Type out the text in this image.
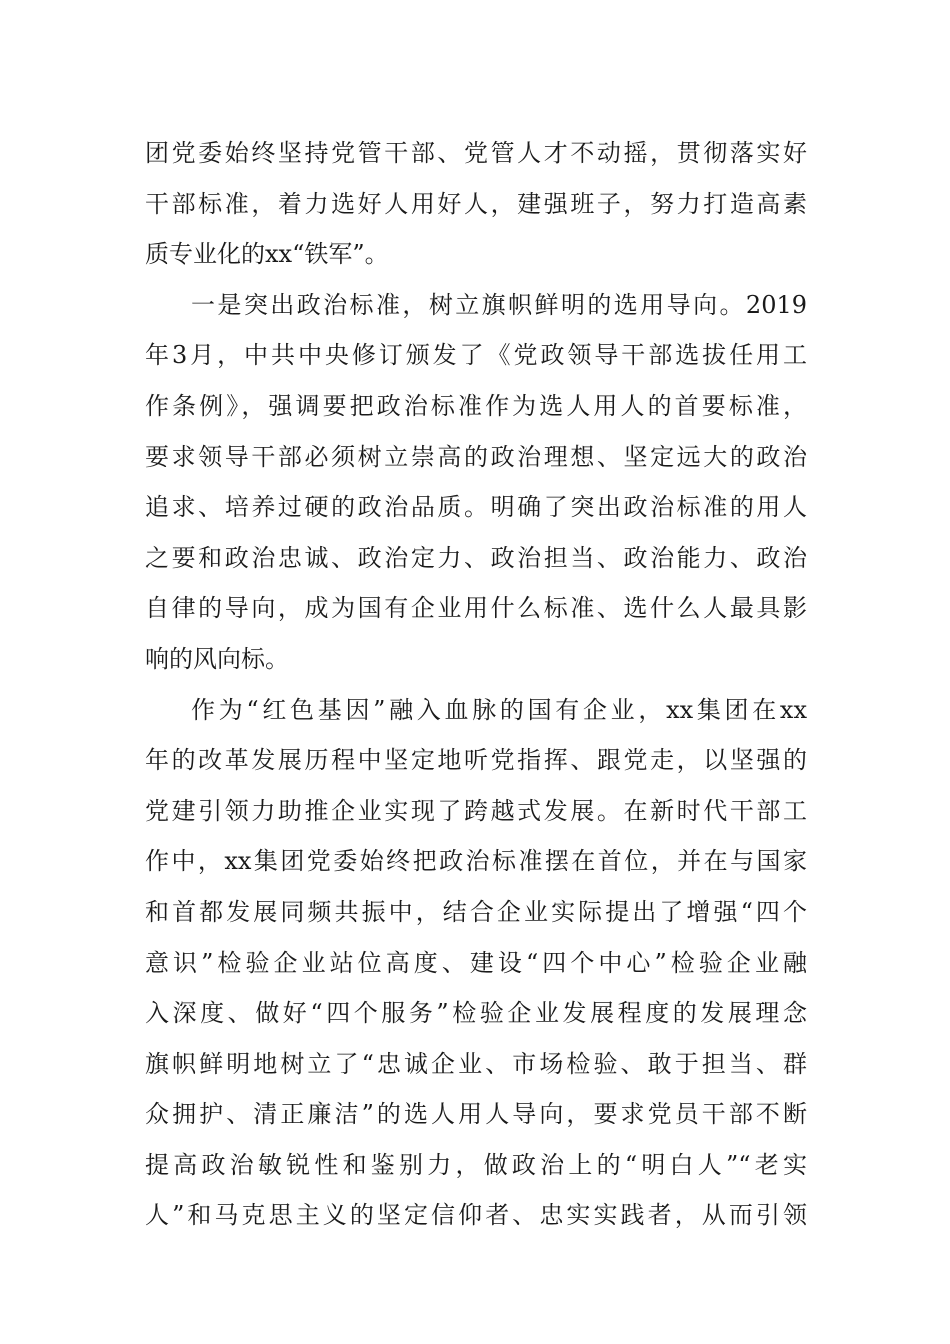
团党委始终坚持党管干部、党管人才不动摇，贯彻落实好
干部标准，着力选好人用好人，建强班子，努力打造高素
质专业化的xx“铁军”。
一是突出政治标准，树立旗帜鲜明的选用导向。2019
年3月，中共中央修订颁发了《党政领导干部选拔任用工
作条例》，强调要把政治标准作为选人用人的首要标准，
要求领导干部必须树立崇高的政治理想、坚定远大的政治
追求、培养过硬的政治品质。明确了突出政治标准的用人
之要和政治忠诚、政治定力、政治担当、政治能力、政治
自律的导向，成为国有企业用什么标准、选什么人最具影
响的风向标。
作为“红色基因”融入血脉的国有企业，xx集团在xx
年的改革发展历程中坚定地听党指挥、跟党走，以坚强的
党建引领力助推企业实现了跨越式发展。在新时代干部工
作中，xx集团党委始终把政治标准摆在首位，并在与国家
和首都发展同频共振中，结合企业实际提出了增强“四个
意识”检验企业站位高度、建设“四个中心”检验企业融
入深度、做好“四个服务”检验企业发展程度的发展理念
旗帜鲜明地树立了“忠诚企业、市场检验、敢于担当、群
众拥护、清正廉洁”的选人用人导向，要求党员干部不断
提高政治敏锐性和鉴别力，做政治上的“明白人”“老实
人”和马克思主义的坚定信仰者、忠实实践者，从而引领
